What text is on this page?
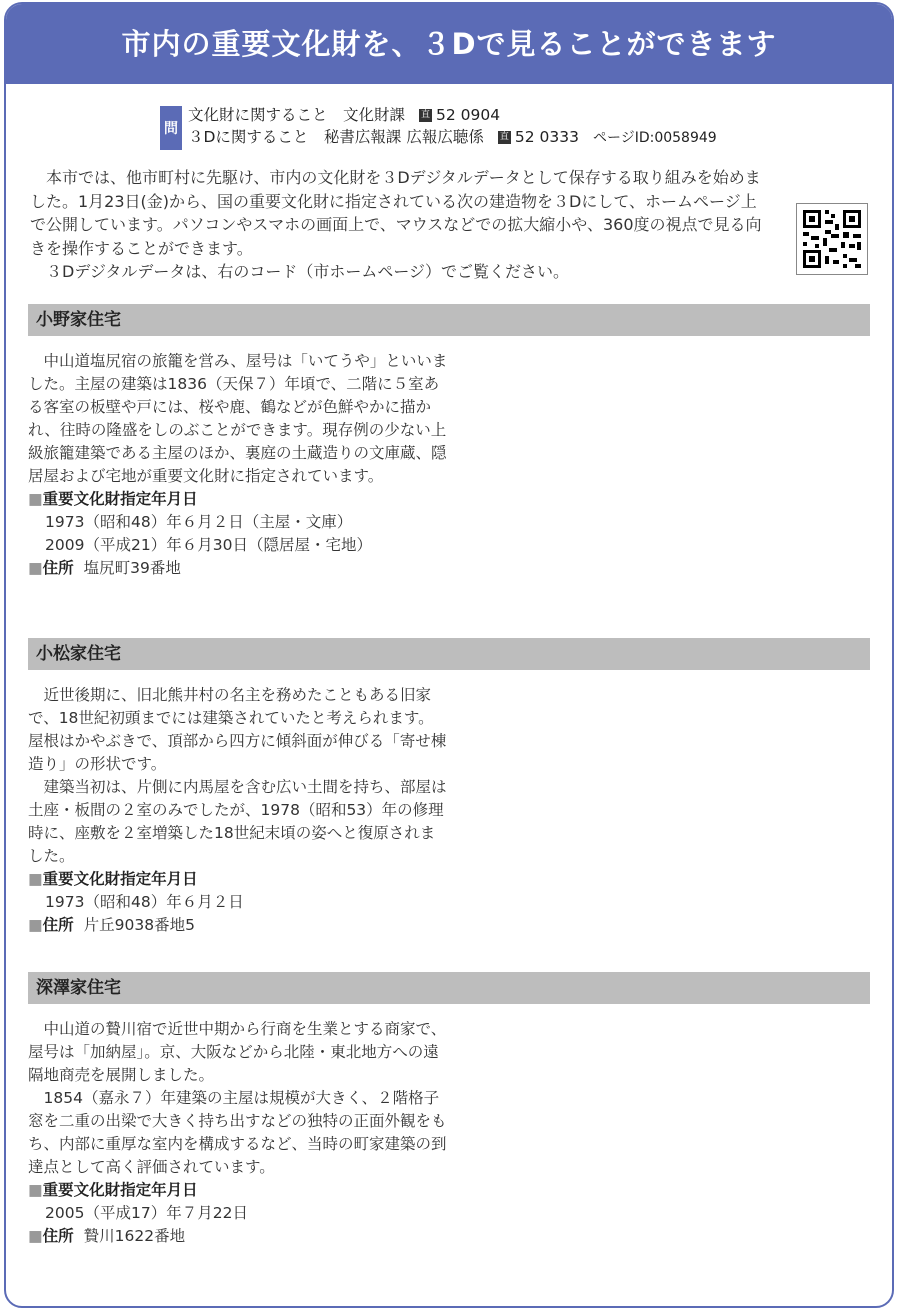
市内の重要文化財を、３Dで見ることができます
問
文化財に関すること　文化財課 直 52 0904
３Dに関すること　秘書広報課 広報広聴係 直 52 0333 ページID:0058949

本市では、他市町村に先駆け、市内の文化財を３Dデジタルデータとして保存する取り組みを始めました。1月23日(金)から、国の重要文化財に指定されている次の建造物を３Dにして、ホームページ上で公開しています。パソコンやスマホの画面上で、マウスなどでの拡大縮小や、360度の視点で見る向きを操作することができます。

３Dデジタルデータは、右のコード（市ホームページ）でご覧ください。

小野家住宅

中山道塩尻宿の旅籠を営み、屋号は「いてうや」といいました。主屋の建築は1836（天保７）年頃で、二階に５室ある客室の板壁や戸には、桜や鹿、鶴などが色鮮やかに描かれ、往時の隆盛をしのぶことができます。現存例の少ない上級旅籠建築である主屋のほか、裏庭の土蔵造りの文庫蔵、隠居屋および宅地が重要文化財に指定されています。

■重要文化財指定年月日
1973（昭和48）年６月２日（主屋・文庫）
2009（平成21）年６月30日（隠居屋・宅地）
■住所 塩尻町39番地
小松家住宅

近世後期に、旧北熊井村の名主を務めたこともある旧家で、18世紀初頭までには建築されていたと考えられます。屋根はかやぶきで、頂部から四方に傾斜面が伸びる「寄せ棟造り」の形状です。

建築当初は、片側に内馬屋を含む広い土間を持ち、部屋は土座・板間の２室のみでしたが、1978（昭和53）年の修理時に、座敷を２室増築した18世紀末頃の姿へと復原されました。

■重要文化財指定年月日
1973（昭和48）年６月２日
■住所 片丘9038番地5
深澤家住宅

中山道の贄川宿で近世中期から行商を生業とする商家で、屋号は「加納屋」。京、大阪などから北陸・東北地方への遠隔地商売を展開しました。

1854（嘉永７）年建築の主屋は規模が大きく、２階格子窓を二重の出梁で大きく持ち出すなどの独特の正面外観をもち、内部に重厚な室内を構成するなど、当時の町家建築の到達点として高く評価されています。

■重要文化財指定年月日
2005（平成17）年７月22日
■住所 贄川1622番地
